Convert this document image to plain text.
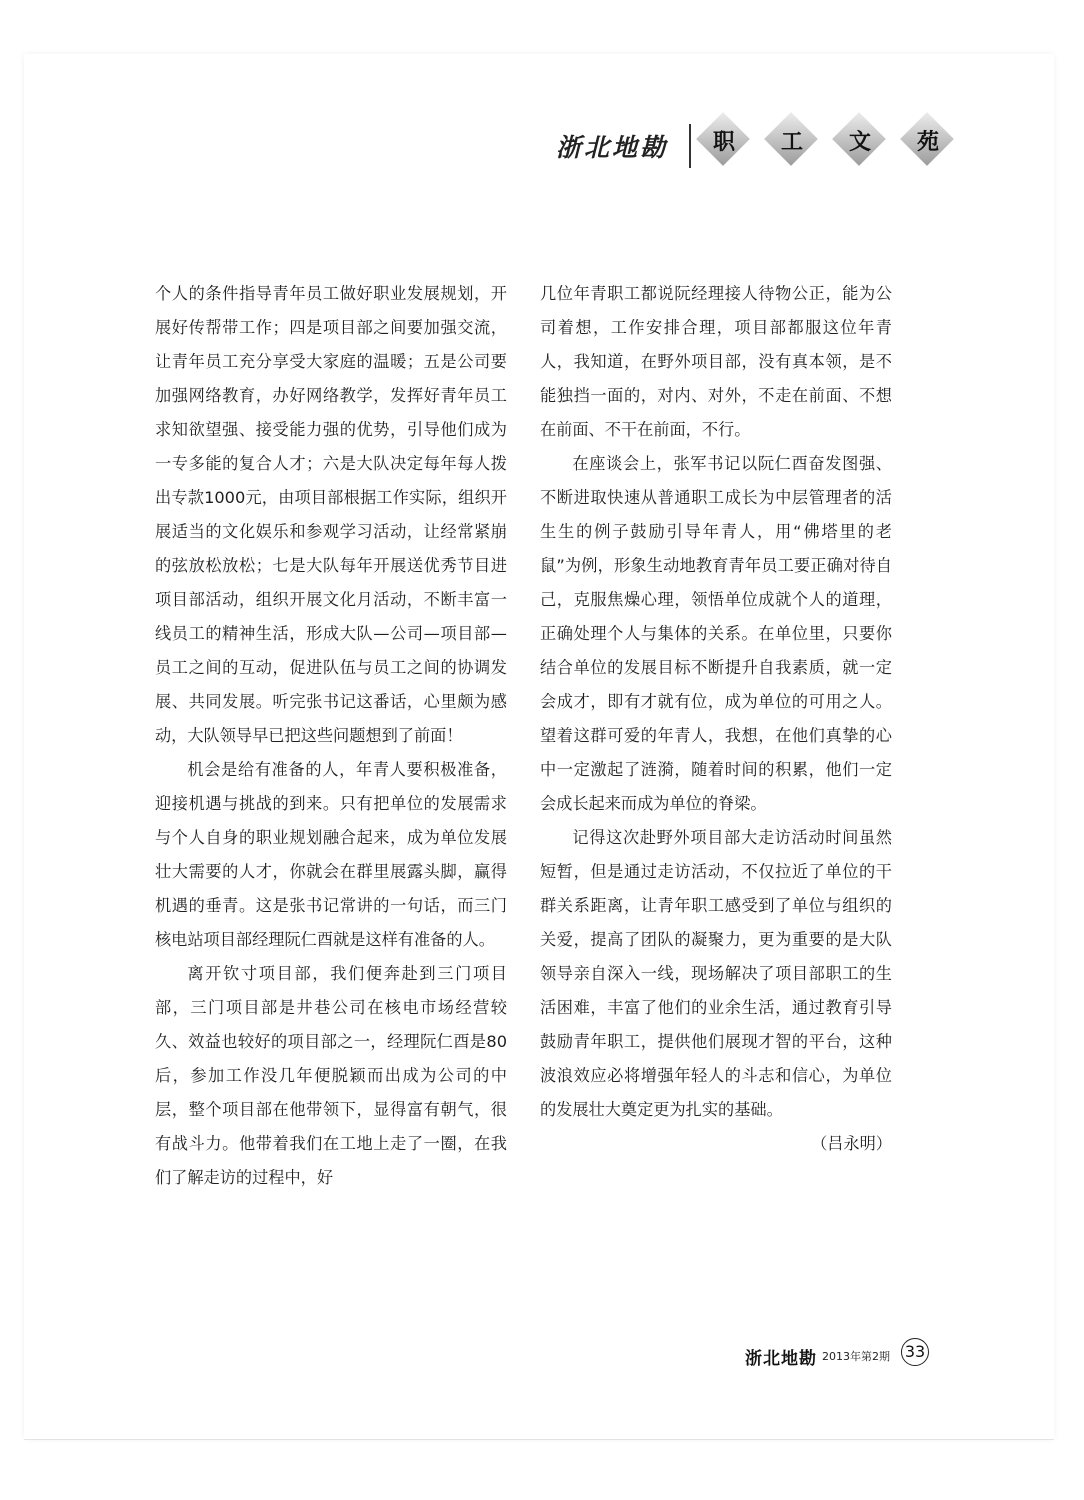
浙北地勘	职	工	文	苑

个人的条件指导青年员工做好职业发展规划，开展好传帮带工作；四是项目部之间要加强交流，让青年员工充分享受大家庭的温暖；五是公司要加强网络教育，办好网络教学，发挥好青年员工求知欲望强、接受能力强的优势，引导他们成为一专多能的复合人才；六是大队决定每年每人拨出专款1000元，由项目部根据工作实际，组织开展适当的文化娱乐和参观学习活动，让经常紧崩的弦放松放松；七是大队每年开展送优秀节目进项目部活动，组织开展文化月活动，不断丰富一线员工的精神生活，形成大队—公司—项目部—员工之间的互动，促进队伍与员工之间的协调发展、共同发展。听完张书记这番话，心里颇为感动，大队领导早已把这些问题想到了前面！

机会是给有准备的人，年青人要积极准备，迎接机遇与挑战的到来。只有把单位的发展需求与个人自身的职业规划融合起来，成为单位发展壮大需要的人才，你就会在群里展露头脚，赢得机遇的垂青。这是张书记常讲的一句话，而三门核电站项目部经理阮仁酉就是这样有准备的人。

离开钦寸项目部，我们便奔赴到三门项目部，三门项目部是井巷公司在核电市场经营较久、效益也较好的项目部之一，经理阮仁酉是80后，参加工作没几年便脱颖而出成为公司的中层，整个项目部在他带领下，显得富有朝气，很有战斗力。他带着我们在工地上走了一圈，在我们了解走访的过程中，好

几位年青职工都说阮经理接人待物公正，能为公司着想，工作安排合理，项目部都服这位年青人，我知道，在野外项目部，没有真本领，是不能独挡一面的，对内、对外，不走在前面、不想在前面、不干在前面，不行。

在座谈会上，张军书记以阮仁酉奋发图强、不断进取快速从普通职工成长为中层管理者的活生生的例子鼓励引导年青人，用“佛塔里的老鼠”为例，形象生动地教育青年员工要正确对待自己，克服焦燥心理，领悟单位成就个人的道理，正确处理个人与集体的关系。在单位里，只要你结合单位的发展目标不断提升自我素质，就一定会成才，即有才就有位，成为单位的可用之人。望着这群可爱的年青人，我想，在他们真挚的心中一定激起了涟漪，随着时间的积累，他们一定会成长起来而成为单位的脊梁。

记得这次赴野外项目部大走访活动时间虽然短暂，但是通过走访活动，不仅拉近了单位的干群关系距离，让青年职工感受到了单位与组织的关爱，提高了团队的凝聚力，更为重要的是大队领导亲自深入一线，现场解决了项目部职工的生活困难，丰富了他们的业余生活，通过教育引导鼓励青年职工，提供他们展现才智的平台，这种波浪效应必将增强年轻人的斗志和信心，为单位的发展壮大奠定更为扎实的基础。

（吕永明）

浙北地勘 2013年第2期 33
